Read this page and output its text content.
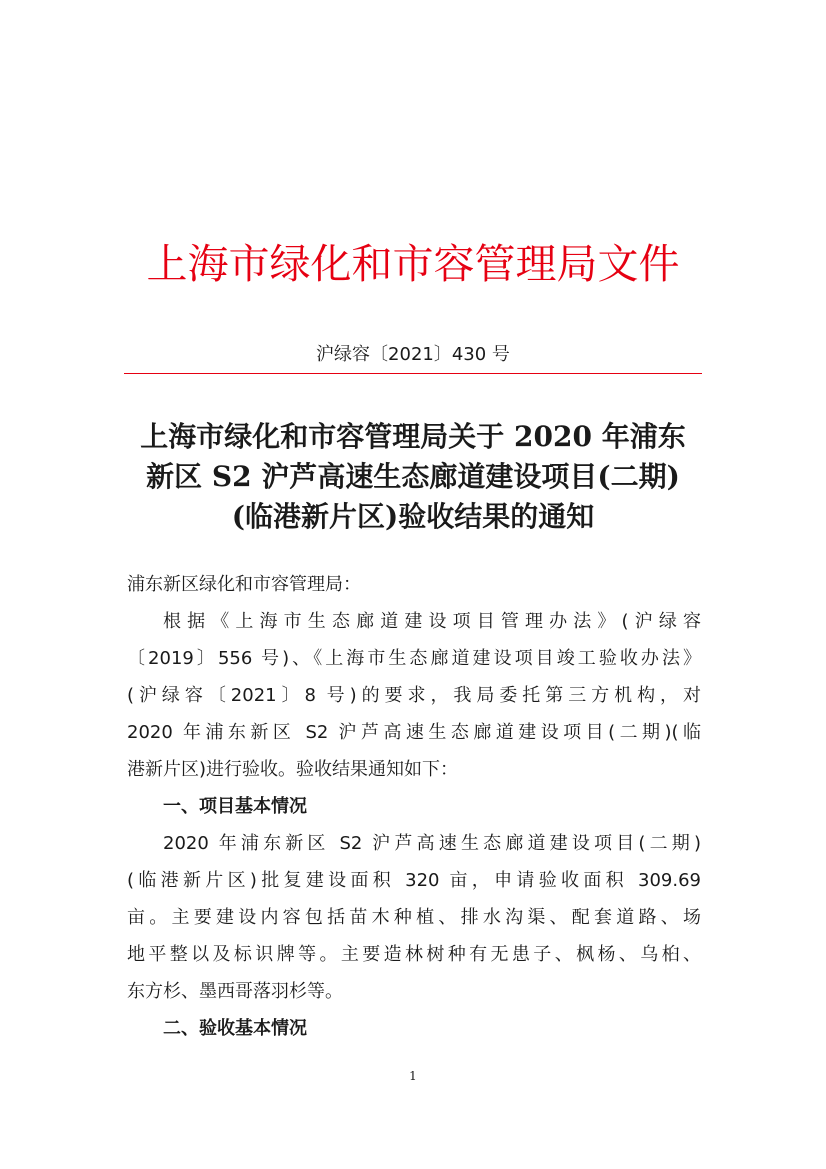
上海市绿化和市容管理局文件
沪绿容〔2021〕430 号
上海市绿化和市容管理局关于 2020 年浦东
新区 S2 沪芦高速生态廊道建设项目(二期)
(临港新片区)验收结果的通知
浦东新区绿化和市容管理局：
根据《上海市生态廊道建设项目管理办法》(沪绿容
〔2019〕556 号)、《上海市生态廊道建设项目竣工验收办法》
(沪绿容〔2021〕8 号)的要求，我局委托第三方机构，对
2020 年浦东新区 S2 沪芦高速生态廊道建设项目(二期)(临
港新片区)进行验收。验收结果通知如下：
一、项目基本情况
2020 年浦东新区 S2 沪芦高速生态廊道建设项目(二期)
(临港新片区)批复建设面积 320 亩，申请验收面积 309.69
亩。主要建设内容包括苗木种植、排水沟渠、配套道路、场
地平整以及标识牌等。主要造林树种有无患子、枫杨、乌桕、
东方杉、墨西哥落羽杉等。
二、验收基本情况
1
